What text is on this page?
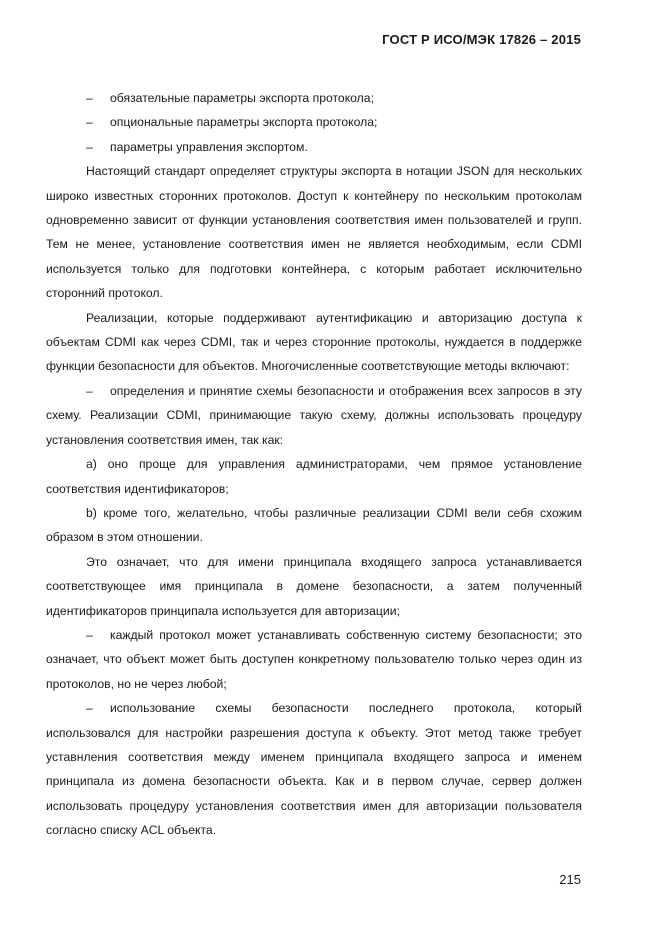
ГОСТ Р ИСО/МЭК 17826 – 2015
– обязательные параметры экспорта протокола;
– опциональные параметры экспорта протокола;
– параметры управления экспортом.

Настоящий стандарт определяет структуры экспорта в нотации JSON для нескольких широко известных сторонних протоколов. Доступ к контейнеру по нескольким протоколам одновременно зависит от функции установления соответствия имен пользователей и групп. Тем не менее, установление соответствия имен не является необходимым, если CDMI используется только для подготовки контейнера, с которым работает исключительно сторонний протокол.

Реализации, которые поддерживают аутентификацию и авторизацию доступа к объектам CDMI как через CDMI, так и через сторонние протоколы, нуждается в поддержке функции безопасности для объектов. Многочисленные соответствующие методы включают:

– определения и принятие схемы безопасности и отображения всех запросов в эту схему. Реализации CDMI, принимающие такую схему, должны использовать процедуру установления соответствия имен, так как:

а) оно проще для управления администраторами, чем прямое установление соответствия идентификаторов;

b) кроме того, желательно, чтобы различные реализации CDMI вели себя схожим образом в этом отношении.

Это означает, что для имени принципала входящего запроса устанавливается соответствующее имя принципала в домене безопасности, а затем полученный идентификаторов принципала используется для авторизации;

– каждый протокол может устанавливать собственную систему безопасности; это означает, что объект может быть доступен конкретному пользователю только через один из протоколов, но не через любой;

– использование схемы безопасности последнего протокола, который использовался для настройки разрешения доступа к объекту. Этот метод также требует уставнления соответствия между именем принципала входящего запроса и именем принципала из домена безопасности объекта. Как и в первом случае, сервер должен использовать процедуру установления соответствия имен для авторизации пользователя согласно списку ACL объекта.

215
